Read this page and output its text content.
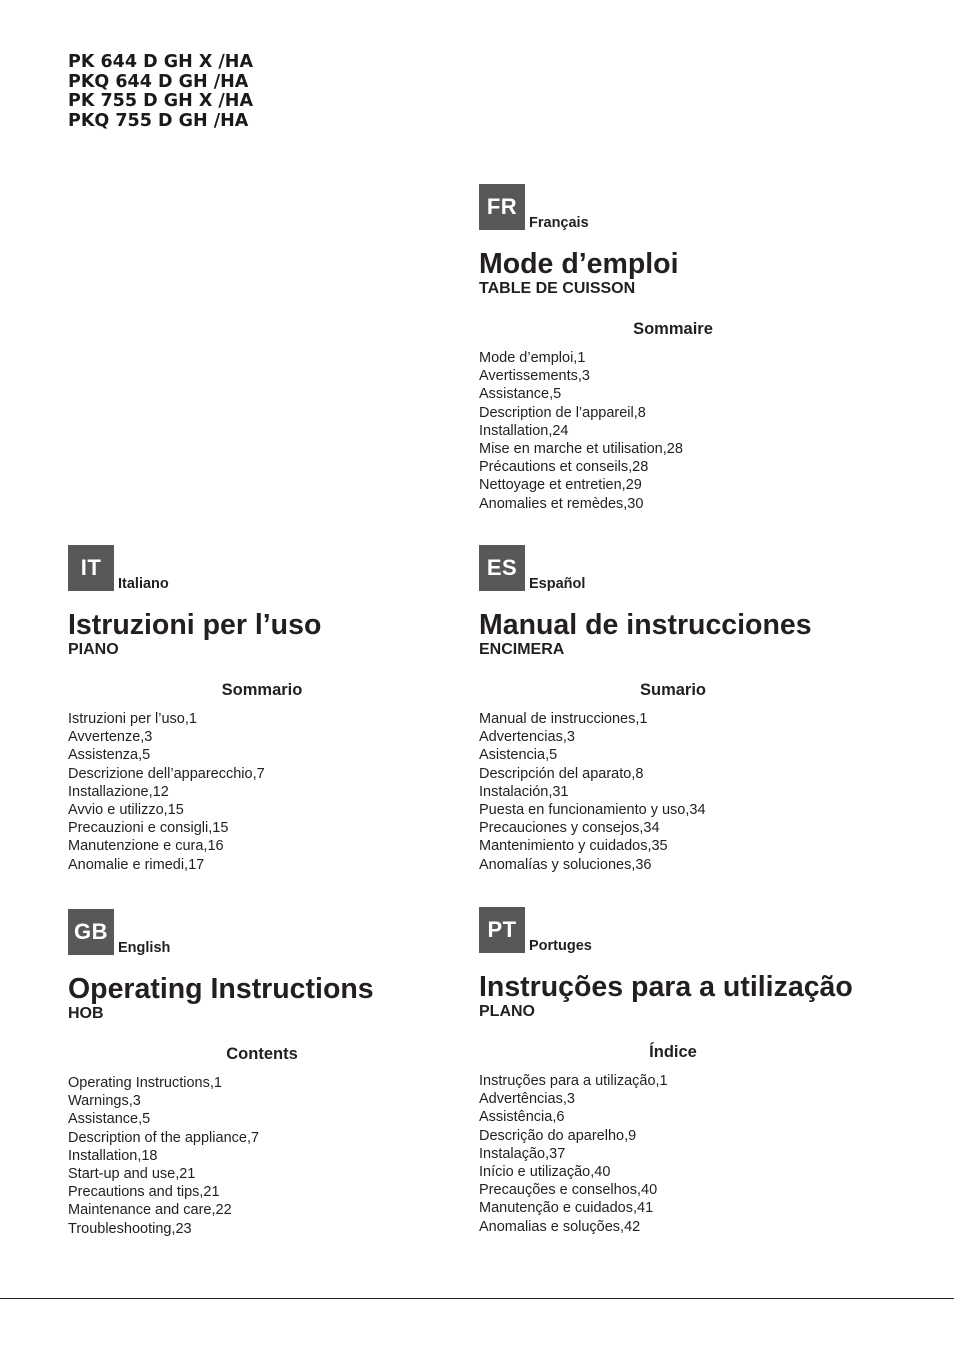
PK 644 D GH X /HA
PKQ 644 D GH /HA
PK 755 D GH X /HA
PKQ 755 D GH /HA
FR
Français
Mode d’emploi
TABLE DE CUISSON
Sommaire
Mode d’emploi,1
Avertissements,3
Assistance,5
Description de l’appareil,8
Installation,24
Mise en marche et utilisation,28
Précautions et conseils,28
Nettoyage et entretien,29
Anomalies et remèdes,30
IT
Italiano
Istruzioni per l’uso
PIANO
Sommario
Istruzioni per l’uso,1
Avvertenze,3
Assistenza,5
Descrizione dell’apparecchio,7
Installazione,12
Avvio e utilizzo,15
Precauzioni e consigli,15
Manutenzione e cura,16
Anomalie e rimedi,17
ES
Español
Manual de instrucciones
ENCIMERA
Sumario
Manual de instrucciones,1
Advertencias,3
Asistencia,5
Descripción del aparato,8
Instalación,31
Puesta en funcionamiento y uso,34
Precauciones y consejos,34
Mantenimiento y cuidados,35
Anomalías y soluciones,36
GB
English
Operating Instructions
HOB
Contents
Operating Instructions,1
Warnings,3
Assistance,5
Description of the appliance,7
Installation,18
Start-up and use,21
Precautions and tips,21
Maintenance and care,22
Troubleshooting,23
PT
Portuges
Instruções para a utilização
PLANO
Índice
Instruções para a utilização,1
Advertências,3
Assistência,6
Descrição do aparelho,9
Instalação,37
Início e utilização,40
Precauções e conselhos,40
Manutenção e cuidados,41
Anomalias e soluções,42
